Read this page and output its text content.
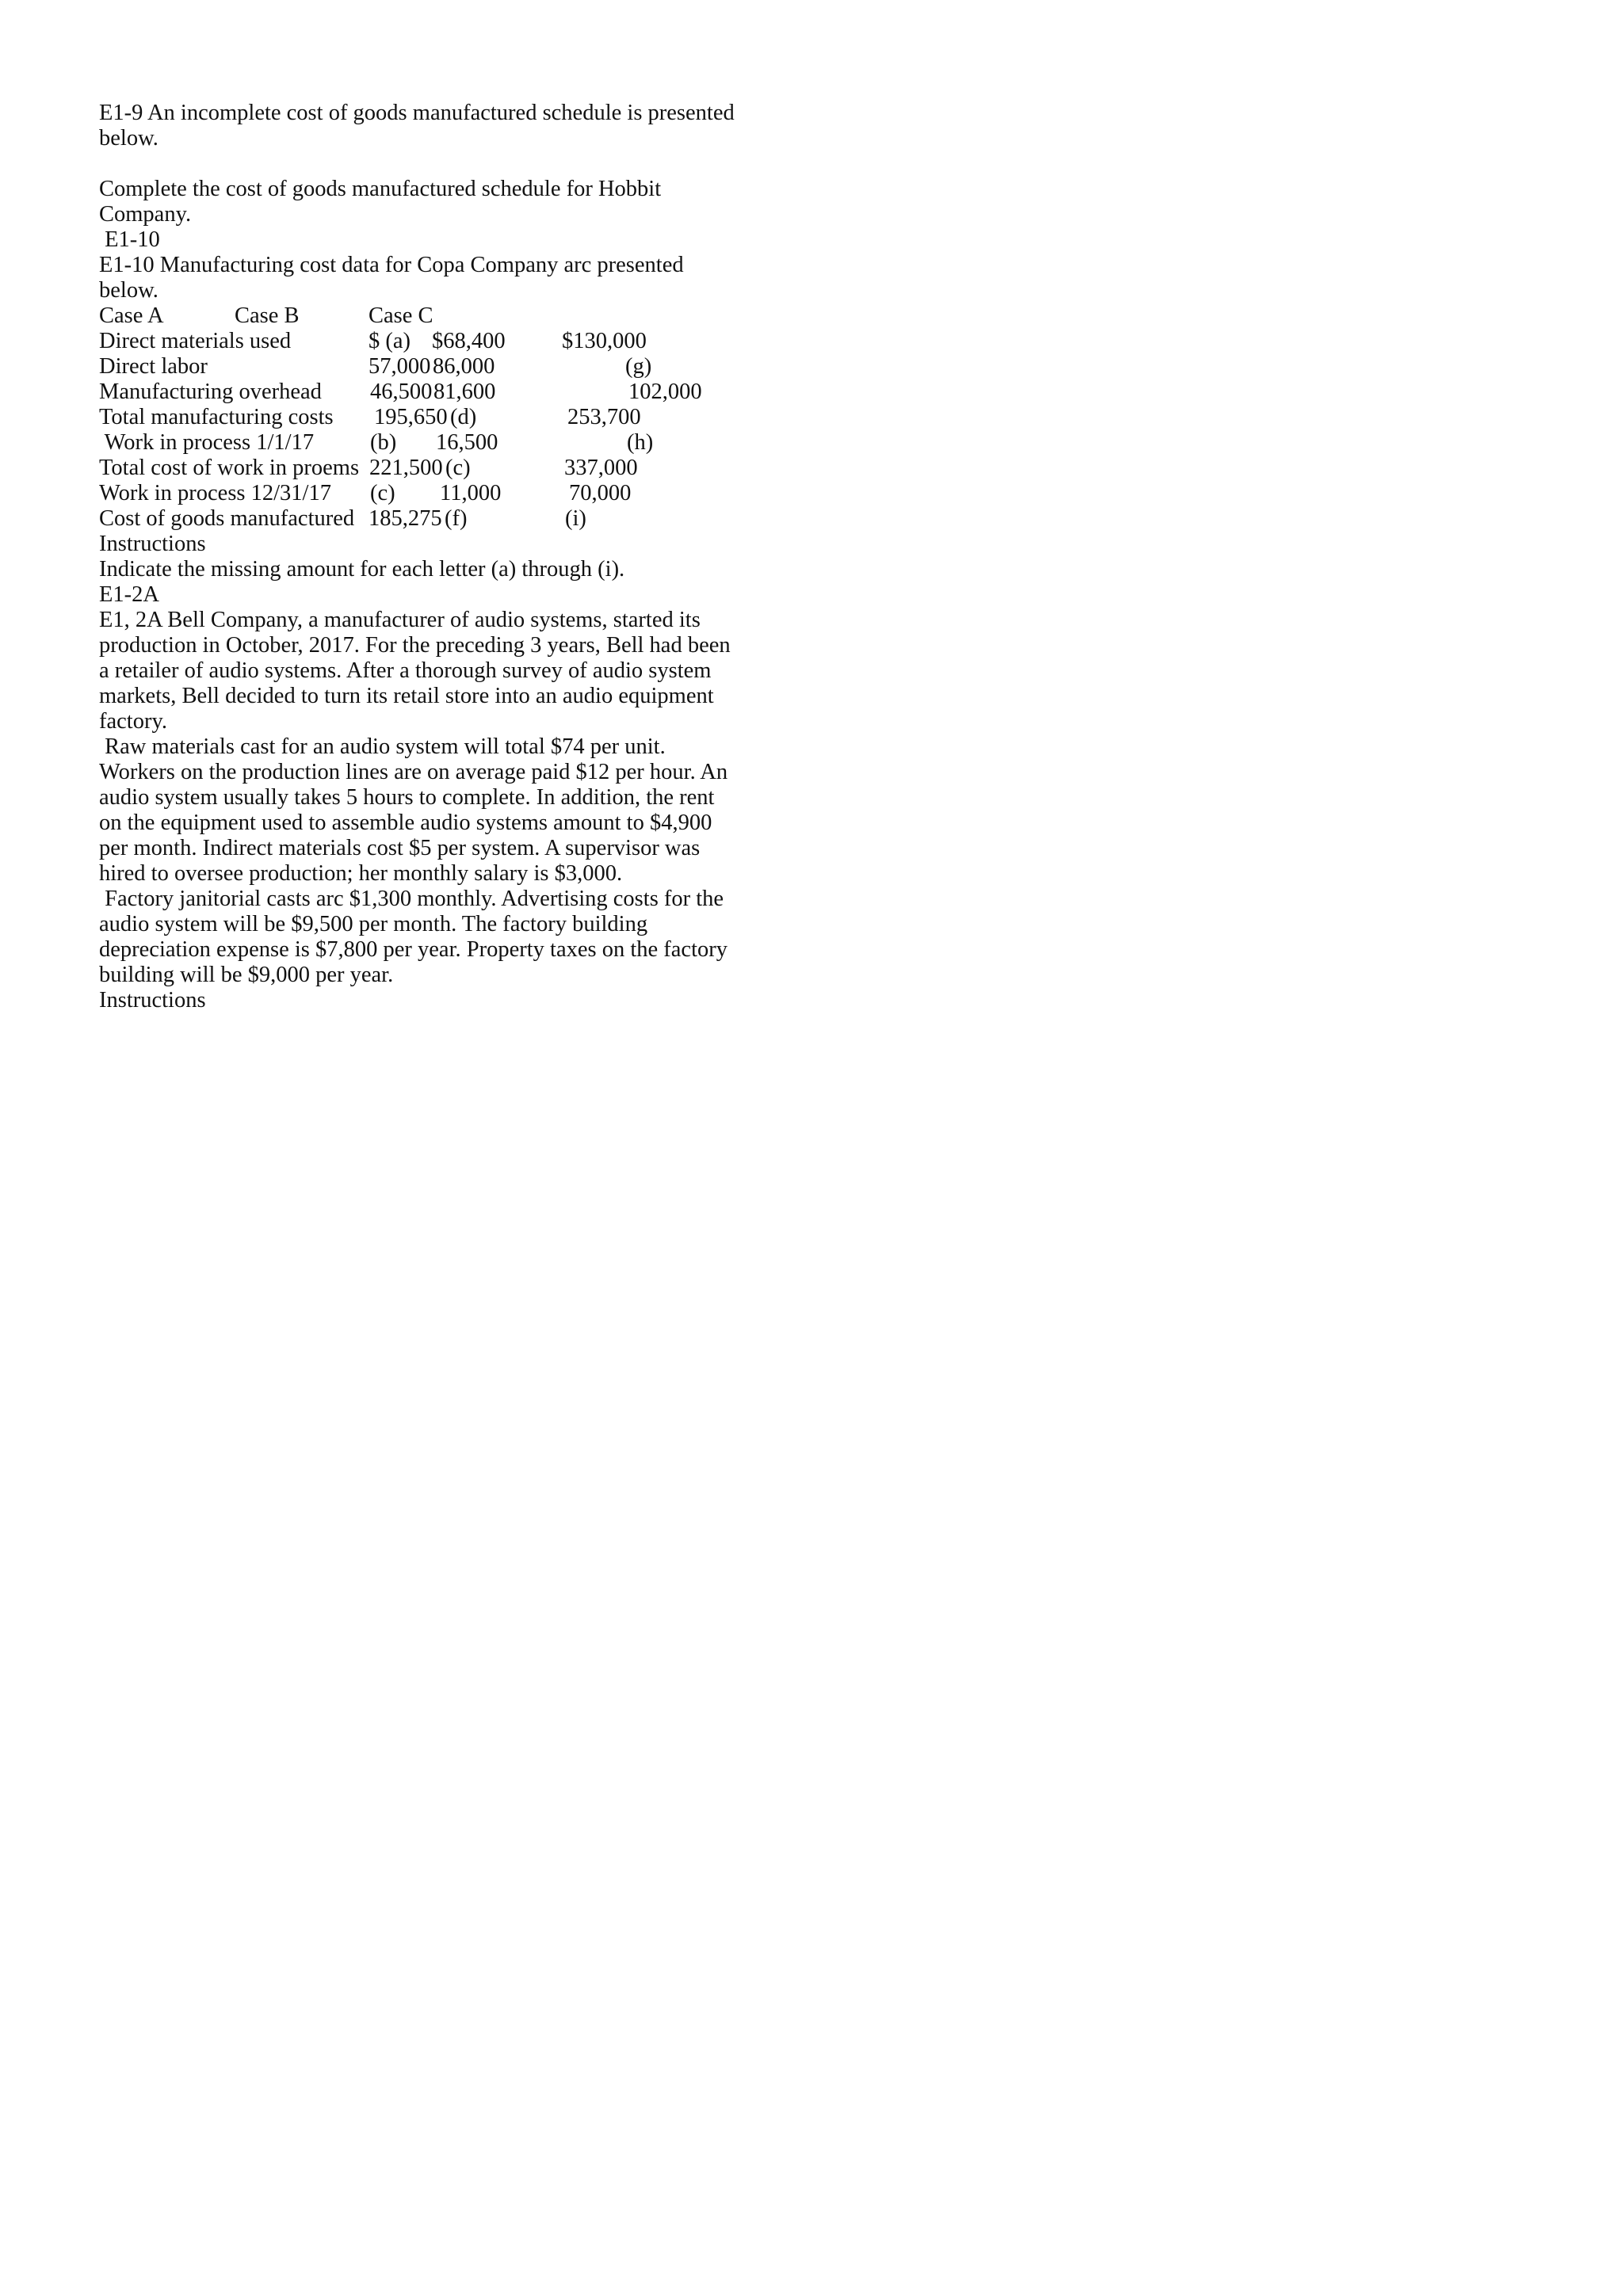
E1-9 An incomplete cost of goods manufactured schedule is presented
below.
Complete the cost of goods manufactured schedule for Hobbit
Company.
E1-10
E1-10 Manufacturing cost data for Copa Company arc presented
below.
Case A	Case B	Case C
Direct materials used	$ (a) $68,400	$130,000
Direct labor	57,000 86,000	(g)
Manufacturing overhead 46,500 81,600	102,000
Total manufacturing costs 195,650 (d)	253,700
Work in process 1/1/17 (b) 16,500	(h)
Total cost of work in proems 221,500 (c)	337,000
Work in process 12/31/17 (c) 11,000	70,000
Cost of goods manufactured 185,275 (f)	(i)
Instructions
Indicate the missing amount for each letter (a) through (i).
E1-2A
E1, 2A Bell Company, a manufacturer of audio systems, started its
production in October, 2017. For the preceding 3 years, Bell had been
a retailer of audio systems. After a thorough survey of audio system
markets, Bell decided to turn its retail store into an audio equipment
factory.
Raw materials cast for an audio system will total $74 per unit.
Workers on the production lines are on average paid $12 per hour. An
audio system usually takes 5 hours to complete. In addition, the rent
on the equipment used to assemble audio systems amount to $4,900
per month. Indirect materials cost $5 per system. A supervisor was
hired to oversee production; her monthly salary is $3,000.
Factory janitorial casts arc $1,300 monthly. Advertising costs for the
audio system will be $9,500 per month. The factory building
depreciation expense is $7,800 per year. Property taxes on the factory
building will be $9,000 per year.
Instructions
